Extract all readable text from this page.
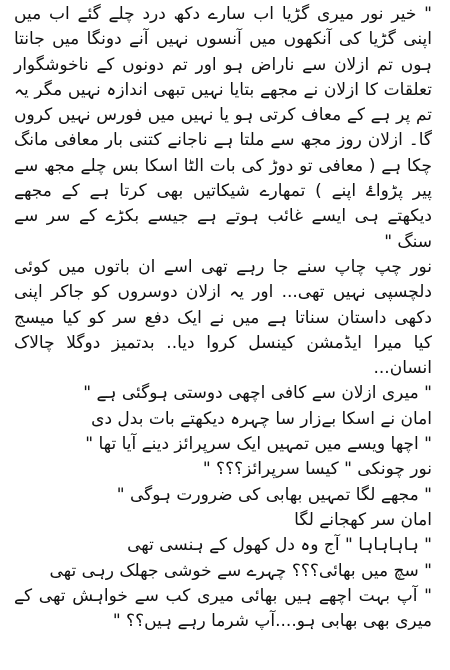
" خیر نور میری گڑیا اب سارے دکھ درد چلے گئے اب میں
اپنی گڑیا کی آنکھوں میں آنسوں نہیں آنے دونگا میں جانتا
ہوں تم ازلان سے ناراض ہو اور تم دونوں کے ناخوشگوار
تعلقات کا ازلان نے مجھے بتایا نہیں تبھی اندازہ نہیں مگر یہ
تم پر ہے کے معاف کرتی ہو یا نہیں میں فورس نہیں کروں
گا۔ ازلان روز مجھ سے ملتا ہے ناجانے کتنی بار معافی مانگ
چکا ہے ( معافی تو دوڑ کی بات الٹا اسکا بس چلے مجھ سے
پیر پڑواۓ اپنے ) تمھارے شیکاتیں بھی کرتا ہے کے مجھے
دیکھتے ہی ایسے غائب ہوتے ہے جیسے بکڑے کے سر سے
سنگ "
نور چپ چاپ سنے جا رہے تھی اسے ان باتوں میں کوئی
دلچسپی نہیں تھی... اور یہ ازلان دوسروں کو جاکر اپنی
دکھی داستان سناتا ہے میں نے ایک دفع سر کو کیا میسج
کیا میرا ایڈمشن کینسل کروا دیا.. بدتمیز دوگلا چالاک
انسان...
" میری ازلان سے کافی اچھی دوستی ہوگئی ہے "
امان نے اسکا بےزار سا چہرہ دیکھتے بات بدل دی
" اچھا ویسے میں تمہیں ایک سرپرائز دینے آیا تھا "
نور چونکی " کیسا سرپرائز؟؟؟ "
" مجھے لگا تمہیں بھابی کی ضرورت ہوگی "
امان سر کھجانے لگا
" ہاہاہاہا " آج وہ دل کھول کے ہنسی تھی
" سچ میں بھائی؟؟؟ چہرے سے خوشی جھلک رہی تھی
" آپ بہت اچھے ہیں بھائی میری کب سے خواہش تھی کے
میری بھی بھابی ہو....آپ شرما رہے ہیں؟؟ "
